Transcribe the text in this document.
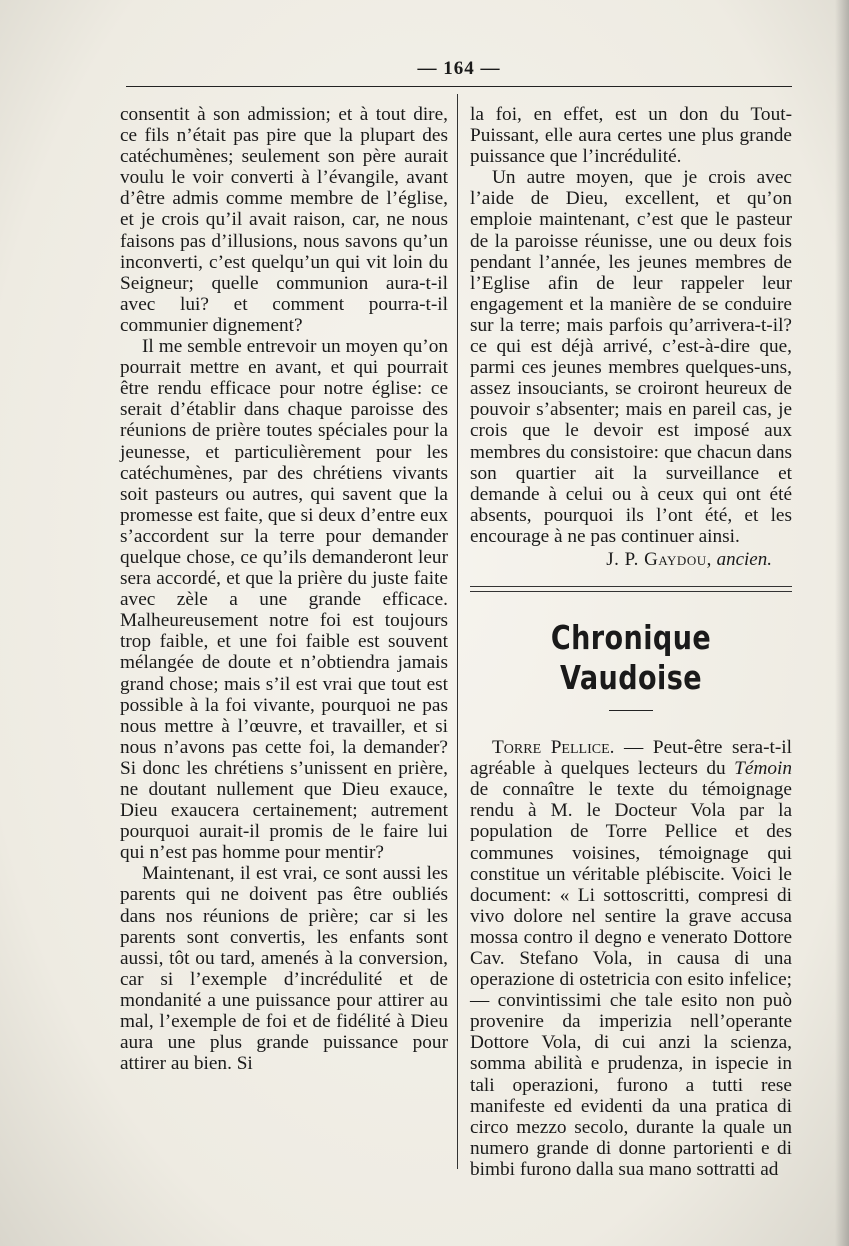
— 164 —

consentit à son admission; et à tout dire, ce fils n’était pas pire que la plupart des catéchumènes; seulement son père aurait voulu le voir converti à l’évangile, avant d’être admis comme membre de l’église, et je crois qu’il avait raison, car, ne nous faisons pas d’illusions, nous savons qu’un inconverti, c’est quelqu’un qui vit loin du Seigneur; quelle communion aura-t-il avec lui? et comment pourra-t-il communier dignement?

Il me semble entrevoir un moyen qu’on pourrait mettre en avant, et qui pourrait être rendu efficace pour notre église: ce serait d’établir dans chaque paroisse des réunions de prière toutes spéciales pour la jeunesse, et particulièrement pour les catéchumènes, par des chrétiens vivants soit pasteurs ou autres, qui savent que la promesse est faite, que si deux d’entre eux s’accordent sur la terre pour demander quelque chose, ce qu’ils demanderont leur sera accordé, et que la prière du juste faite avec zèle a une grande efficace. Malheureusement notre foi est toujours trop faible, et une foi faible est souvent mélangée de doute et n’obtiendra jamais grand chose; mais s’il est vrai que tout est possible à la foi vivante, pourquoi ne pas nous mettre à l’œuvre, et travailler, et si nous n’avons pas cette foi, la demander? Si donc les chrétiens s’unissent en prière, ne doutant nullement que Dieu exauce, Dieu exaucera certainement; autrement pourquoi aurait-il promis de le faire lui qui n’est pas homme pour mentir?

Maintenant, il est vrai, ce sont aussi les parents qui ne doivent pas être oubliés dans nos réunions de prière; car si les parents sont convertis, les enfants sont aussi, tôt ou tard, amenés à la conversion, car si l’exemple d’incrédulité et de mondanité a une puissance pour attirer au mal, l’exemple de foi et de fidélité à Dieu aura une plus grande puissance pour attirer au bien. Si

la foi, en effet, est un don du Tout-Puissant, elle aura certes une plus grande puissance que l’incrédulité.

Un autre moyen, que je crois avec l’aide de Dieu, excellent, et qu’on emploie maintenant, c’est que le pasteur de la paroisse réunisse, une ou deux fois pendant l’année, les jeunes membres de l’Eglise afin de leur rappeler leur engagement et la manière de se conduire sur la terre; mais parfois qu’arrivera-t-il? ce qui est déjà arrivé, c’est-à-dire que, parmi ces jeunes membres quelques-uns, assez insouciants, se croiront heureux de pouvoir s’absenter; mais en pareil cas, je crois que le devoir est imposé aux membres du consistoire: que chacun dans son quartier ait la surveillance et demande à celui ou à ceux qui ont été absents, pourquoi ils l’ont été, et les encourage à ne pas continuer ainsi.

J. P. Gaydou, ancien.
Chronique Vaudoise

Torre Pellice. — Peut-être sera-t-il agréable à quelques lecteurs du Témoin de connaître le texte du témoignage rendu à M. le Docteur Vola par la population de Torre Pellice et des communes voisines, témoignage qui constitue un véritable plébiscite. Voici le document: « Li sottoscritti, compresi di vivo dolore nel sentire la grave accusa mossa contro il degno e venerato Dottore Cav. Stefano Vola, in causa di una operazione di ostetricia con esito infelice; — convintissimi che tale esito non può provenire da imperizia nell’operante Dottore Vola, di cui anzi la scienza, somma abilità e prudenza, in ispecie in tali operazioni, furono a tutti rese manifeste ed evidenti da una pratica di circo mezzo secolo, durante la quale un numero grande di donne partorienti e di bimbi furono dalla sua mano sottratti ad
